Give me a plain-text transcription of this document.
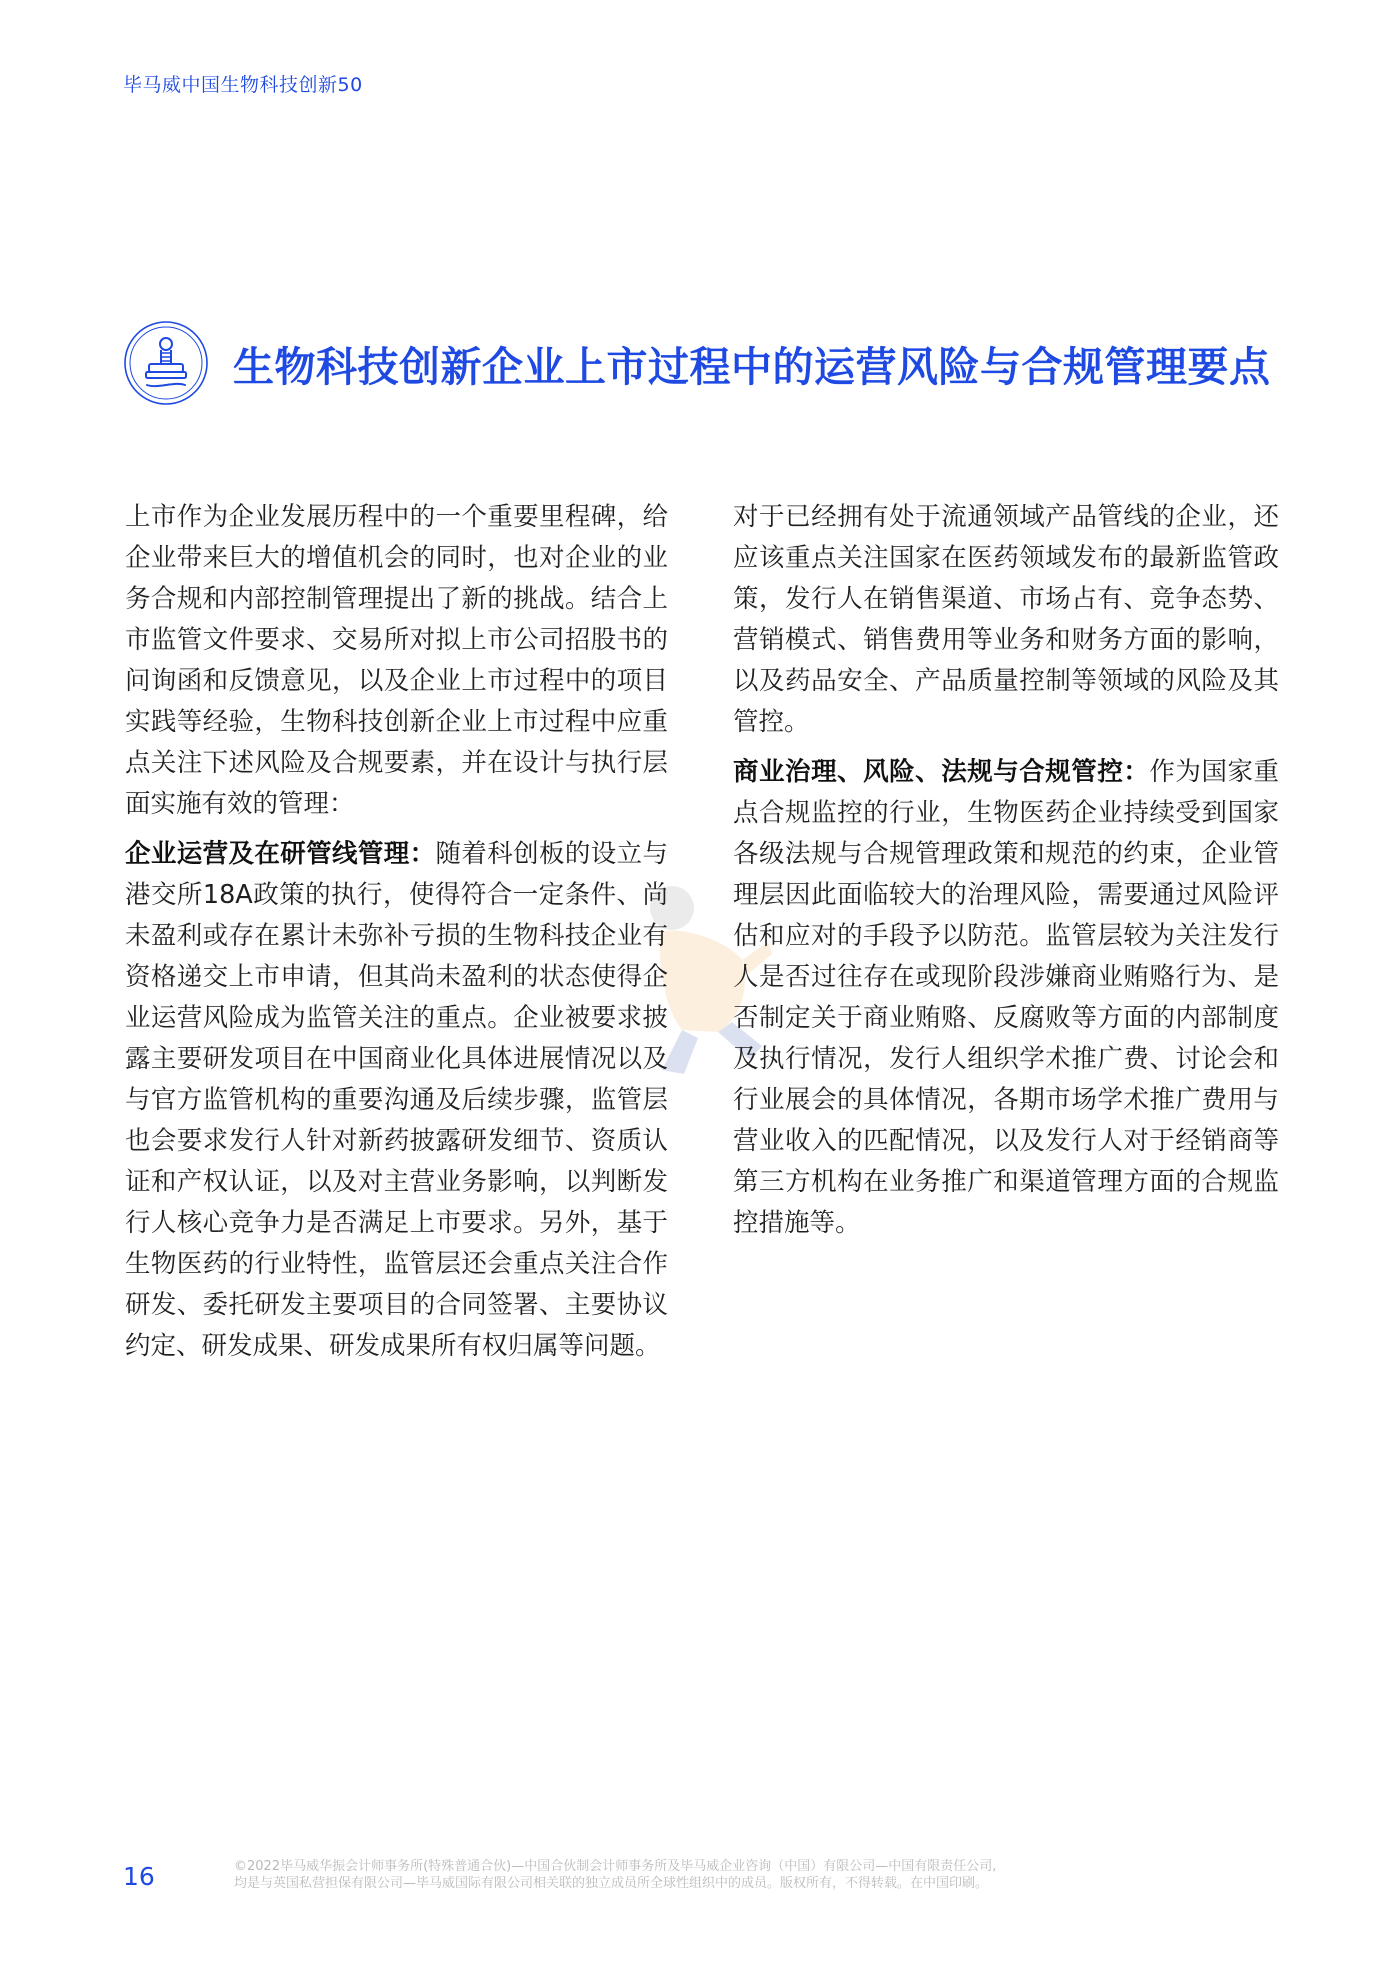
毕马威中国生物科技创新50
生物科技创新企业上市过程中的运营风险与合规管理要点

上市作为企业发展历程中的一个重要里程碑，给企业带来巨大的增值机会的同时，也对企业的业务合规和内部控制管理提出了新的挑战。结合上市监管文件要求、交易所对拟上市公司招股书的问询函和反馈意见，以及企业上市过程中的项目实践等经验，生物科技创新企业上市过程中应重点关注下述风险及合规要素，并在设计与执行层面实施有效的管理：

企业运营及在研管线管理：随着科创板的设立与港交所18A政策的执行，使得符合一定条件、尚未盈利或存在累计未弥补亏损的生物科技企业有资格递交上市申请，但其尚未盈利的状态使得企业运营风险成为监管关注的重点。企业被要求披露主要研发项目在中国商业化具体进展情况以及与官方监管机构的重要沟通及后续步骤，监管层也会要求发行人针对新药披露研发细节、资质认证和产权认证，以及对主营业务影响，以判断发行人核心竞争力是否满足上市要求。另外，基于生物医药的行业特性，监管层还会重点关注合作研发、委托研发主要项目的合同签署、主要协议约定、研发成果、研发成果所有权归属等问题。

对于已经拥有处于流通领域产品管线的企业，还应该重点关注国家在医药领域发布的最新监管政策，发行人在销售渠道、市场占有、竞争态势、营销模式、销售费用等业务和财务方面的影响，以及药品安全、产品质量控制等领域的风险及其管控。

商业治理、风险、法规与合规管控：作为国家重点合规监控的行业，生物医药企业持续受到国家各级法规与合规管理政策和规范的约束，企业管理层因此面临较大的治理风险，需要通过风险评估和应对的手段予以防范。监管层较为关注发行人是否过往存在或现阶段涉嫌商业贿赂行为、是否制定关于商业贿赂、反腐败等方面的内部制度及执行情况，发行人组织学术推广费、讨论会和行业展会的具体情况，各期市场学术推广费用与营业收入的匹配情况，以及发行人对于经销商等第三方机构在业务推广和渠道管理方面的合规监控措施等。

16	©2022毕马威华振会计师事务所(特殊普通合伙)—中国合伙制会计师事务所及毕马威企业咨询（中国）有限公司—中国有限责任公司,
均是与英国私营担保有限公司—毕马威国际有限公司相关联的独立成员所全球性组织中的成员。版权所有，不得转载。在中国印刷。
